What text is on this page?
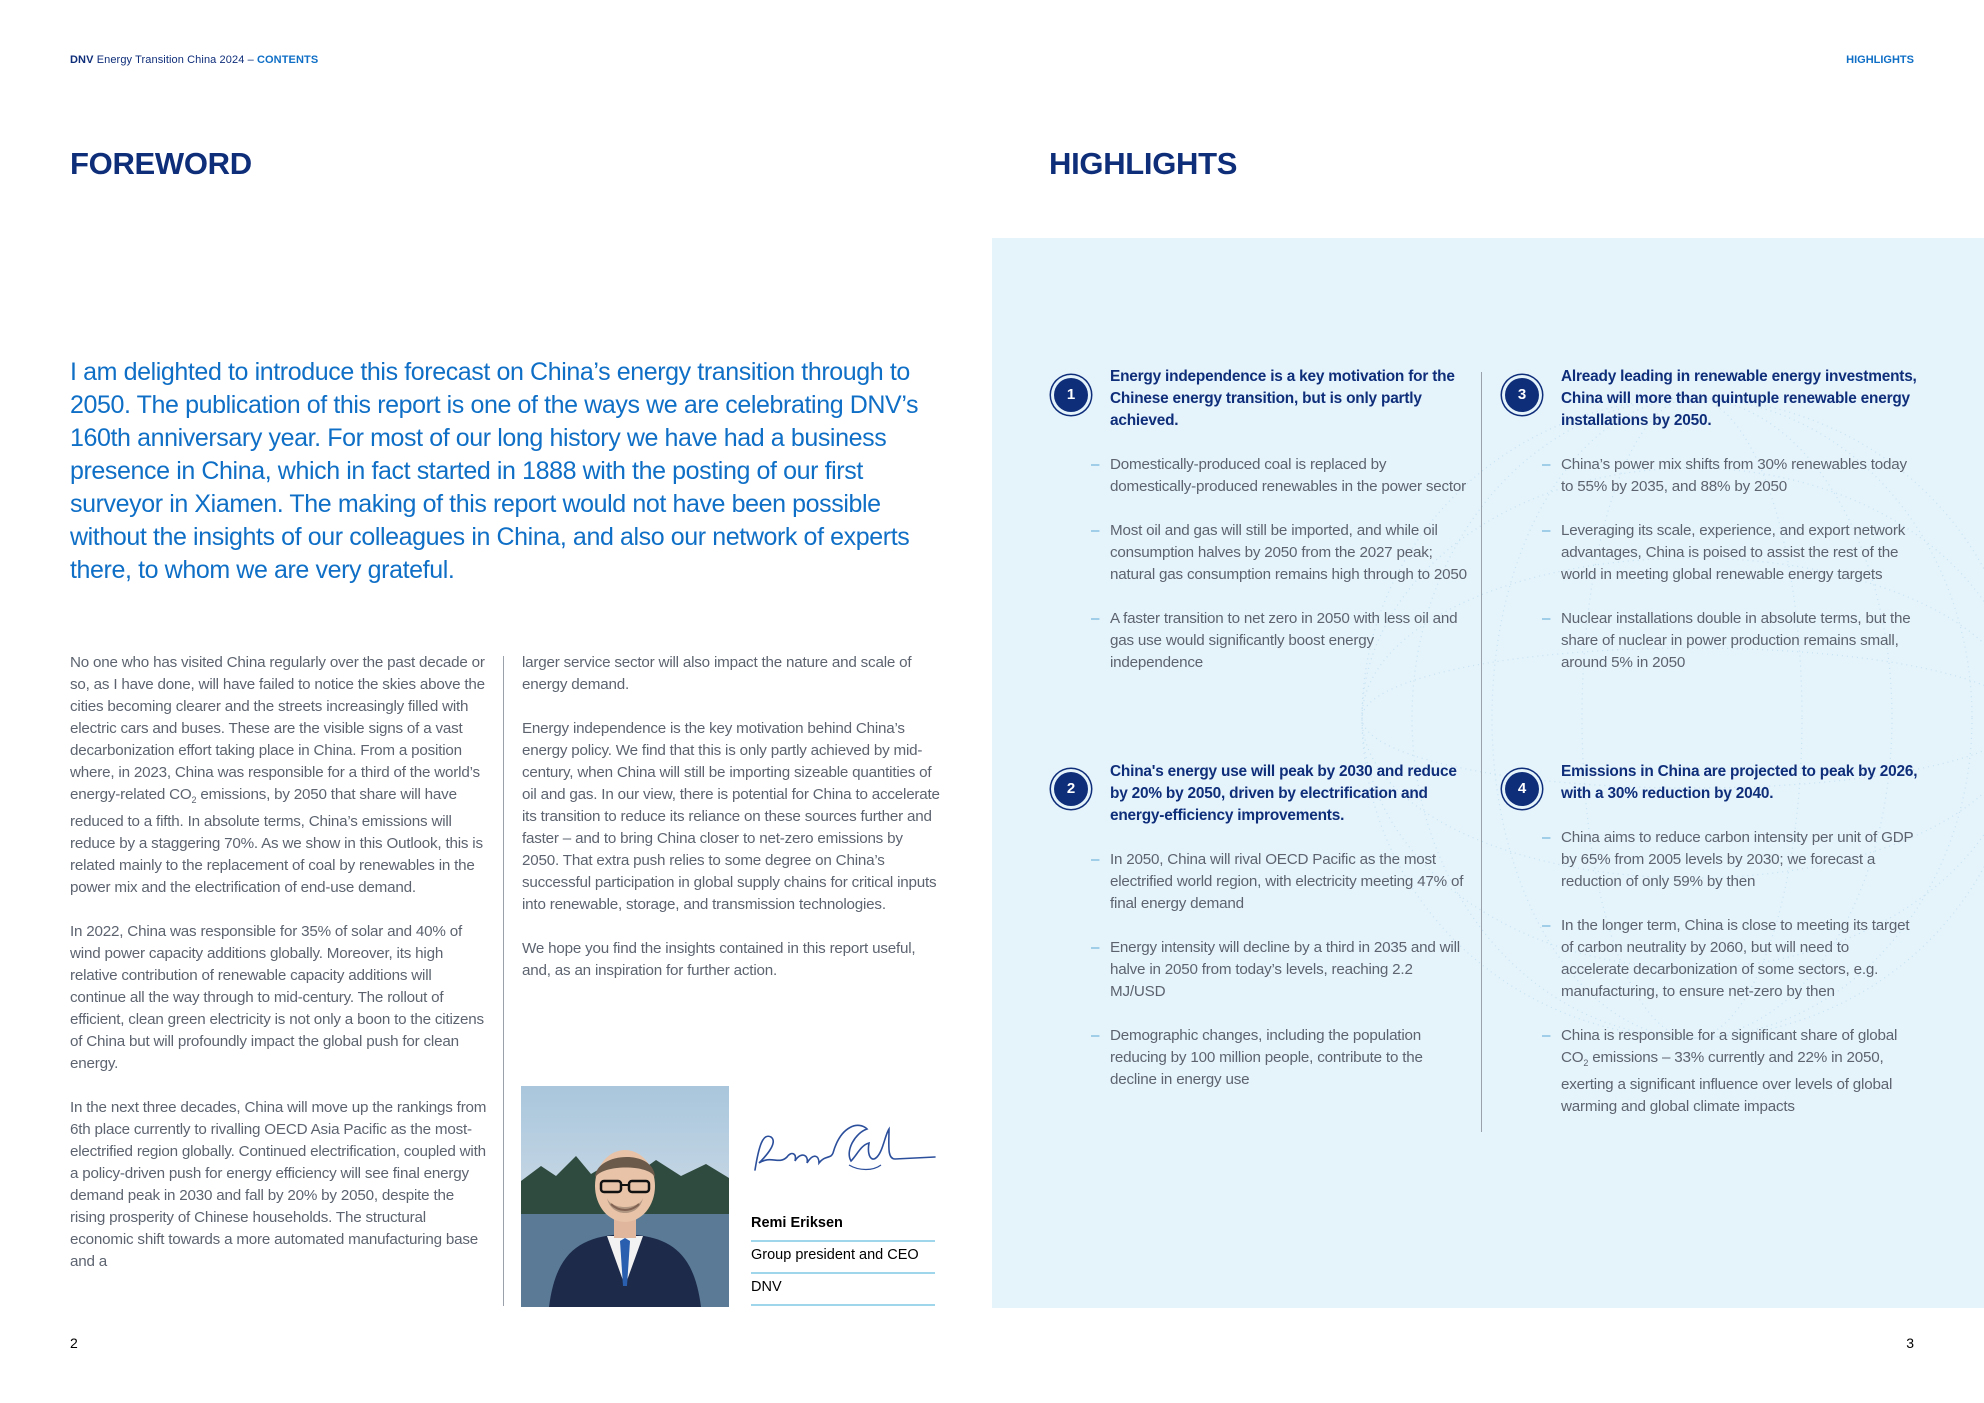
DNV Energy Transition China 2024 – CONTENTS	HIGHLIGHTS
FOREWORD
I am delighted to introduce this forecast on China’s energy transition through to 2050. The publication of this report is one of the ways we are celebrating DNV’s 160th anniversary year. For most of our long history we have had a business presence in China, which in fact started in 1888 with the posting of our first surveyor in Xiamen. The making of this report would not have been possible without the insights of our colleagues in China, and also our network of experts there, to whom we are very grateful.

No one who has visited China regularly over the past decade or so, as I have done, will have failed to notice the skies above the cities becoming clearer and the streets increasingly filled with electric cars and buses. These are the visible signs of a vast decarbonization effort taking place in China. From a position where, in 2023, China was responsible for a third of the world’s energy-related $CO_2$ emissions, by 2050 that share will have reduced to a fifth. In absolute terms, China’s emissions will reduce by a staggering 70%. As we show in this Outlook, this is related mainly to the replacement of coal by renewables in the power mix and the electrification of end-use demand.

In 2022, China was responsible for 35% of solar and 40% of wind power capacity additions globally. Moreover, its high relative contribution of renewable capacity additions will continue all the way through to mid-century. The rollout of efficient, clean green electricity is not only a boon to the citizens of China but will profoundly impact the global push for clean energy.

In the next three decades, China will move up the rankings from 6th place currently to rivalling OECD Asia Pacific as the most-electrified region globally. Continued electrification, coupled with a policy-driven push for energy efficiency will see final energy demand peak in 2030 and fall by 20% by 2050, despite the rising prosperity of Chinese households. The structural economic shift towards a more automated manufacturing base and a

larger service sector will also impact the nature and scale of energy demand.

Energy independence is the key motivation behind China’s energy policy. We find that this is only partly achieved by mid-century, when China will still be importing sizeable quantities of oil and gas. In our view, there is potential for China to accelerate its transition to reduce its reliance on these sources further and faster – and to bring China closer to net-zero emissions by 2050. That extra push relies to some degree on China’s successful participation in global supply chains for critical inputs into renewable, storage, and transmission technologies.

We hope you find the insights contained in this report useful, and, as an inspiration for further action.

Remi Eriksen
Group president and CEO
DNV
2
HIGHLIGHTS
1

Energy independence is a key motivation for the Chinese energy transition, but is only partly achieved.

– Domestically-produced coal is replaced by domestically-produced renewables in the power sector
– Most oil and gas will still be imported, and while oil consumption halves by 2050 from the 2027 peak; natural gas consumption remains high through to 2050
– A faster transition to net zero in 2050 with less oil and gas use would significantly boost energy independence
2

China's energy use will peak by 2030 and reduce by 20% by 2050, driven by electrification and energy-efficiency improvements.

– In 2050, China will rival OECD Pacific as the most electrified world region, with electricity meeting 47% of final energy demand
– Energy intensity will decline by a third in 2035 and will halve in 2050 from today’s levels, reaching 2.2 MJ/USD
– Demographic changes, including the population reducing by 100 million people, contribute to the decline in energy use
3

Already leading in renewable energy investments, China will more than quintuple renewable energy installations by 2050.

– China’s power mix shifts from 30% renewables today to 55% by 2035, and 88% by 2050
– Leveraging its scale, experience, and export network advantages, China is poised to assist the rest of the world in meeting global renewable energy targets
– Nuclear installations double in absolute terms, but the share of nuclear in power production remains small, around 5% in 2050
4

Emissions in China are projected to peak by 2026, with a 30% reduction by 2040.

– China aims to reduce carbon intensity per unit of GDP by 65% from 2005 levels by 2030; we forecast a reduction of only 59% by then
– In the longer term, China is close to meeting its target of carbon neutrality by 2060, but will need to accelerate decarbonization of some sectors, e.g. manufacturing, to ensure net-zero by then
– China is responsible for a significant share of global $CO_2$ emissions – 33% currently and 22% in 2050, exerting a significant influence over levels of global warming and global climate impacts
3
